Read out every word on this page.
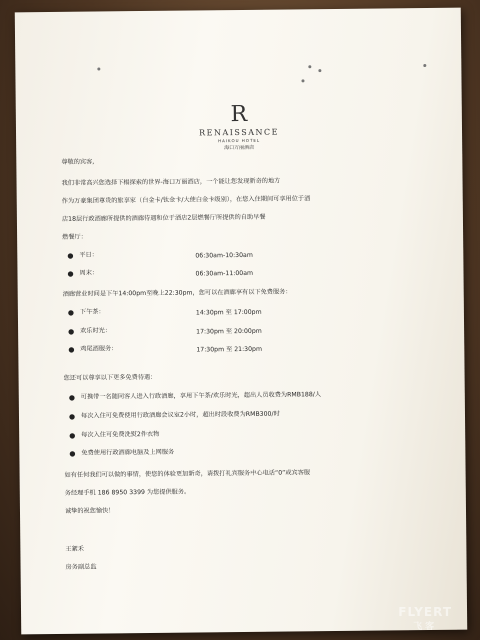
R
RENAISSANCE
HAIKOU HOTEL
海口万丽酒店
尊敬的宾客,
我们非常高兴您选择下榻探索的世界-海口万丽酒店，一个能让您发现新奇的地方
作为万豪集团尊贵的旅享家（白金卡/钛金卡/大使白金卡级别），在您入住期间可享用位于酒
店18层行政酒廊所提供的酒廊待遇和位于酒店2层燃餐厅所提供的自助早餐
燃餐厅：
● 平日：	06:30am-10:30am
● 周末：	06:30am-11:00am
酒廊营业时间是下午14:00pm至晚上22:30pm，您可以在酒廊享有以下免费服务：
● 下午茶：	14:30pm 至 17:00pm
● 欢乐时光：	17:30pm 至 20:00pm
● 鸡尾酒服务：	17:30pm 至 21:30pm
您还可以尊享以下更多免费待遇：
● 可携带一名随同客人进入行政酒廊，享用下午茶/欢乐时光，超出人员收费为RMB188/人
● 每次入住可免费使用行政酒廊会议室2小时，超出时段收费为RMB300/时
● 每次入住可免费洗熨2件衣物
● 免费使用行政酒廊电脑及上网服务
如有任何我们可以做的事情，使您的体验更加新奇，请拨打礼宾服务中心电话“0”或宾客服
务经理手机 186 8950 3399 为您提供服务。
诚挚的祝您愉快！
王絮禾
房务副总监
FLYERT
飞客
